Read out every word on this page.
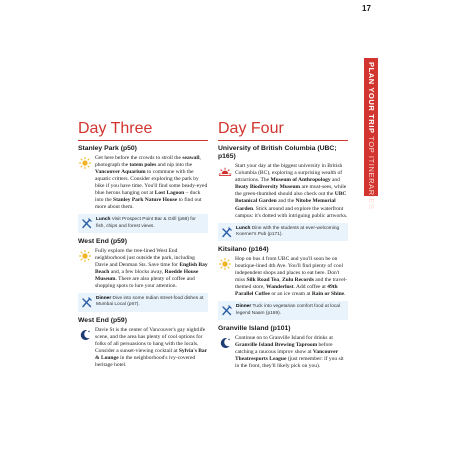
17
PLAN YOUR TRIP TOP ITINERARIES
Day Three
Stanley Park (p50)
Get here before the crowds to stroll the seawall, photograph the totem poles and nip into the Vancouver Aquarium to commune with the aquatic critters. Consider exploring the park by bike if you have time. You'll find some beady-eyed blue herons hanging out at Lost Lagoon – duck into the Stanley Park Nature House to find out more about them.
Lunch Visit Prospect Point Bar & Grill (p68) for fish, chips and forest views.
West End (p59)
Fully explore the tree-lined West End neighborhood just outside the park, including Davie and Denman Sts. Save time for English Bay Beach and, a few blocks away, Roedde House Museum. There are also plenty of coffee and shopping spots to lure your attention.
Dinner Dive into some Indian street-food dishes at Mumbai Local (p67).
West End (p59)
Davie St is the center of Vancouver's gay nightlife scene, and the area has plenty of cool options for folks of all persuasions to hang with the locals. Consider a sunset-viewing cocktail at Sylvia's Bar & Lounge in the neighborhood's ivy-covered heritage hotel.
Day Four
University of British Columbia (UBC; p165)
Start your day at the biggest university in British Columbia (BC), exploring a surprising wealth of attractions. The Museum of Anthropology and Beaty Biodiversity Museum are must-sees, while the green-thumbed should also check out the UBC Botanical Garden and the Nitobe Memorial Garden. Stick around and explore the waterfront campus: it's dotted with intriguing public artworks.
Lunch Dine with the students at ever-welcoming Koerner's Pub (p171).
Kitsilano (p164)
Hop on bus 4 from UBC and you'll soon be on boutique-lined 4th Ave. You'll find plenty of cool independent shops and places to eat here. Don't miss Silk Road Tea, Zulu Records and the travel-themed store, Wanderlust. Add coffee at 49th Parallel Coffee or an ice cream at Rain or Shine.
Dinner Tuck into vegetarian comfort food at local legend Naam (p169).
Granville Island (p101)
Continue on to Granville Island for drinks at Granville Island Brewing Taproom before catching a raucous improv show at Vancouver Theatresports League (just remember: if you sit in the front, they'll likely pick on you).
